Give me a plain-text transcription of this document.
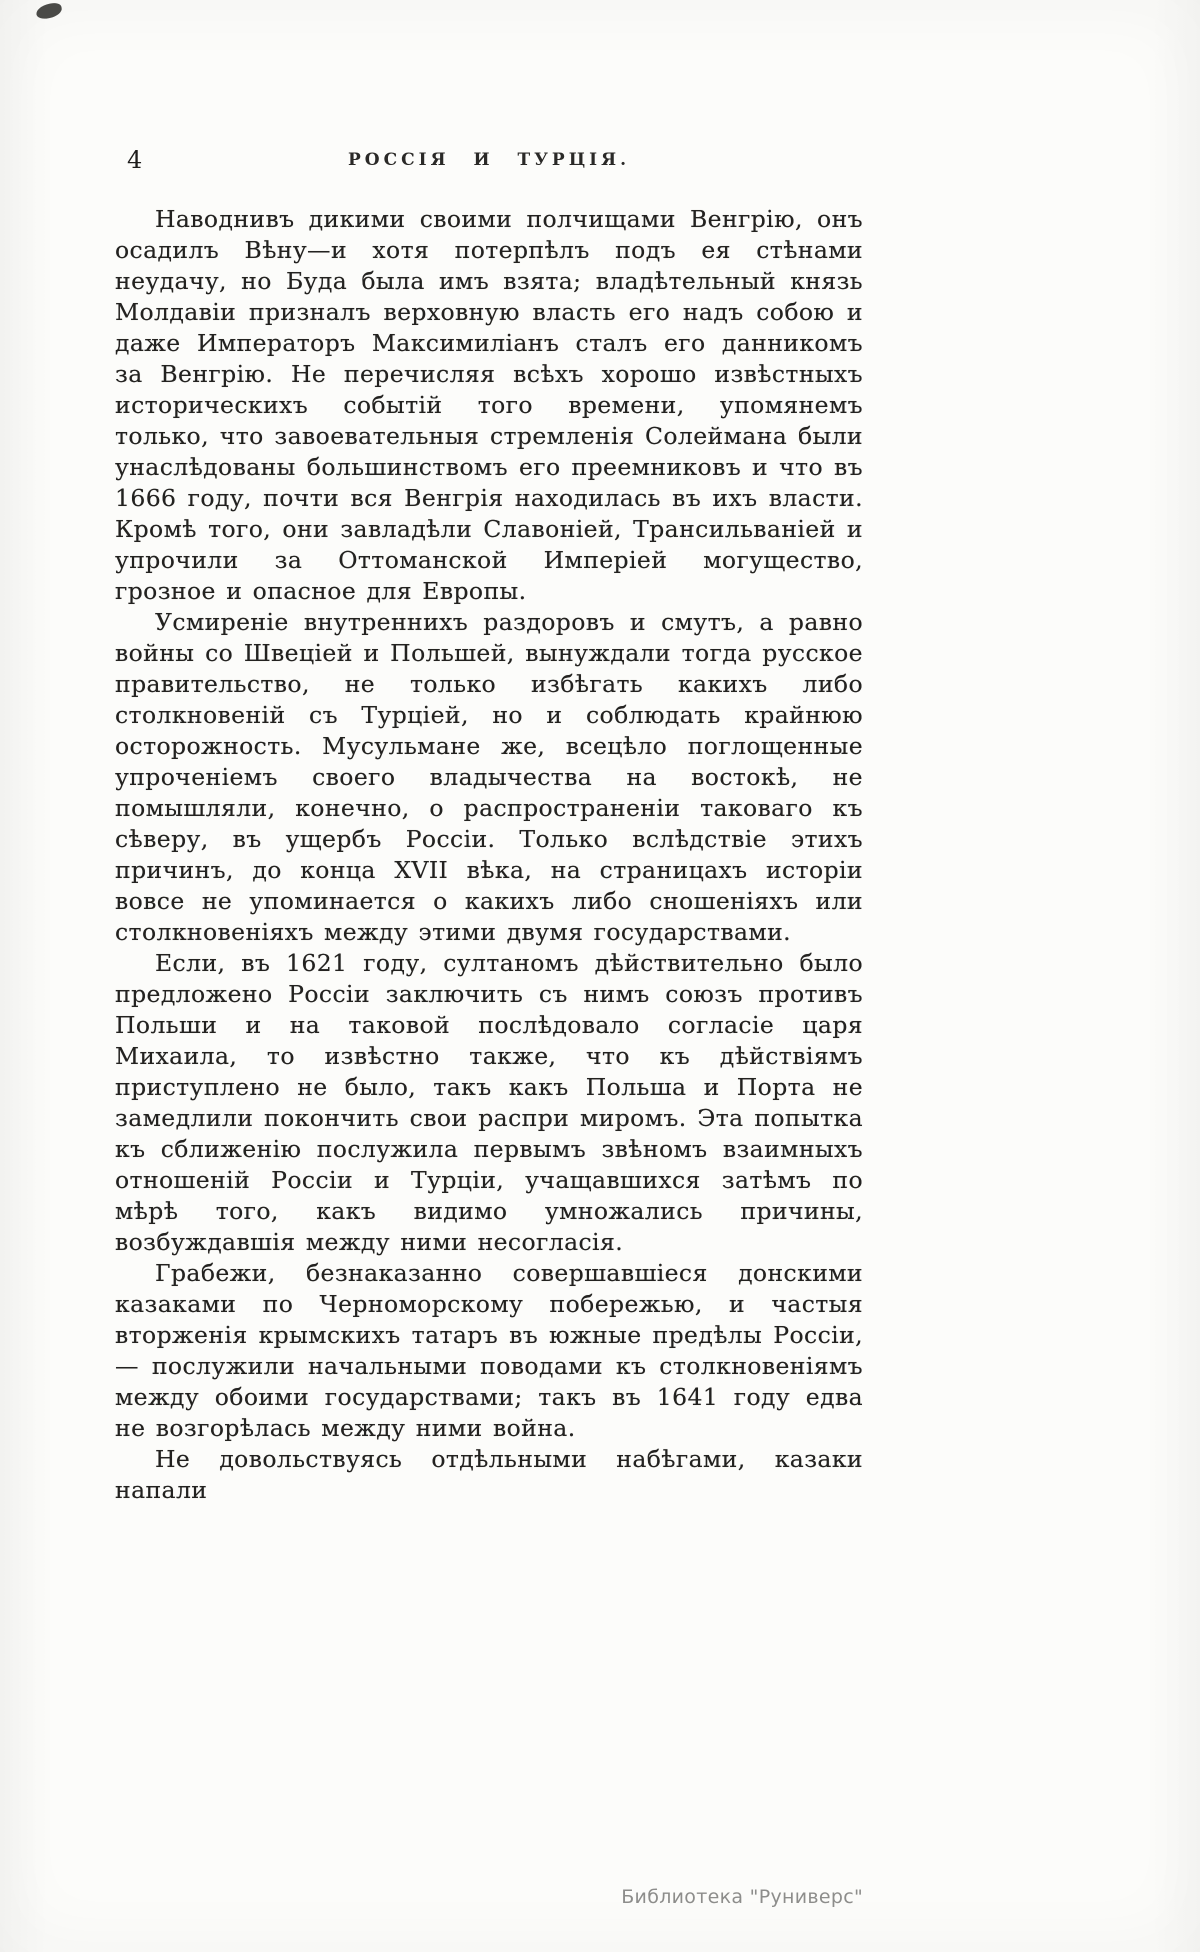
4	РОССІЯ И ТУРЦІЯ.

Наводнивъ дикими своими полчищами Венгрію, онъ осадилъ Вѣну—и хотя потерпѣлъ подъ ея стѣнами неудачу, но Буда была имъ взята; владѣтельный князь Молдавіи призналъ верховную власть его надъ собою и даже Императоръ Максимиліанъ сталъ его данникомъ за Венгрію. Не перечисляя всѣхъ хорошо извѣстныхъ историческихъ событій того времени, упомянемъ только, что завоевательныя стремленія Солеймана были унаслѣдованы большинствомъ его преемниковъ и что въ 1666 году, почти вся Венгрія находилась въ ихъ власти. Кромѣ того, они завладѣли Славоніей, Трансильваніей и упрочили за Оттоманской Имперіей могущество, грозное и опасное для Европы.

Усмиреніе внутреннихъ раздоровъ и смутъ, а равно войны со Швеціей и Польшей, вынуждали тогда русское правительство, не только избѣгать какихъ либо столкновеній съ Турціей, но и соблюдать крайнюю осторожность. Мусульмане же, всецѣло поглощенные упроченіемъ своего владычества на востокѣ, не помышляли, конечно, о распространеніи таковаго къ сѣверу, въ ущербъ Россіи. Только вслѣдствіе этихъ причинъ, до конца XVII вѣка, на страницахъ исторіи вовсе не упоминается о какихъ либо сношеніяхъ или столкновеніяхъ между этими двумя государствами.

Если, въ 1621 году, султаномъ дѣйствительно было предложено Россіи заключить съ нимъ союзъ противъ Польши и на таковой послѣдовало согласіе царя Михаила, то извѣстно также, что къ дѣйствіямъ приступлено не было, такъ какъ Польша и Порта не замедлили покончить свои распри миромъ. Эта попытка къ сближенію послужила первымъ звѣномъ взаимныхъ отношеній Россіи и Турціи, учащавшихся затѣмъ по мѣрѣ того, какъ видимо умножались причины, возбуждавшія между ними несогласія.

Грабежи, безнаказанно совершавшіеся донскими казаками по Черноморскому побережью, и частыя вторженія крымскихъ татаръ въ южные предѣлы Россіи, — послужили начальными поводами къ столкновеніямъ между обоими государствами; такъ въ 1641 году едва не возгорѣлась между ними война.

Не довольствуясь отдѣльными набѣгами, казаки напали

Библиотека "Руниверс"
